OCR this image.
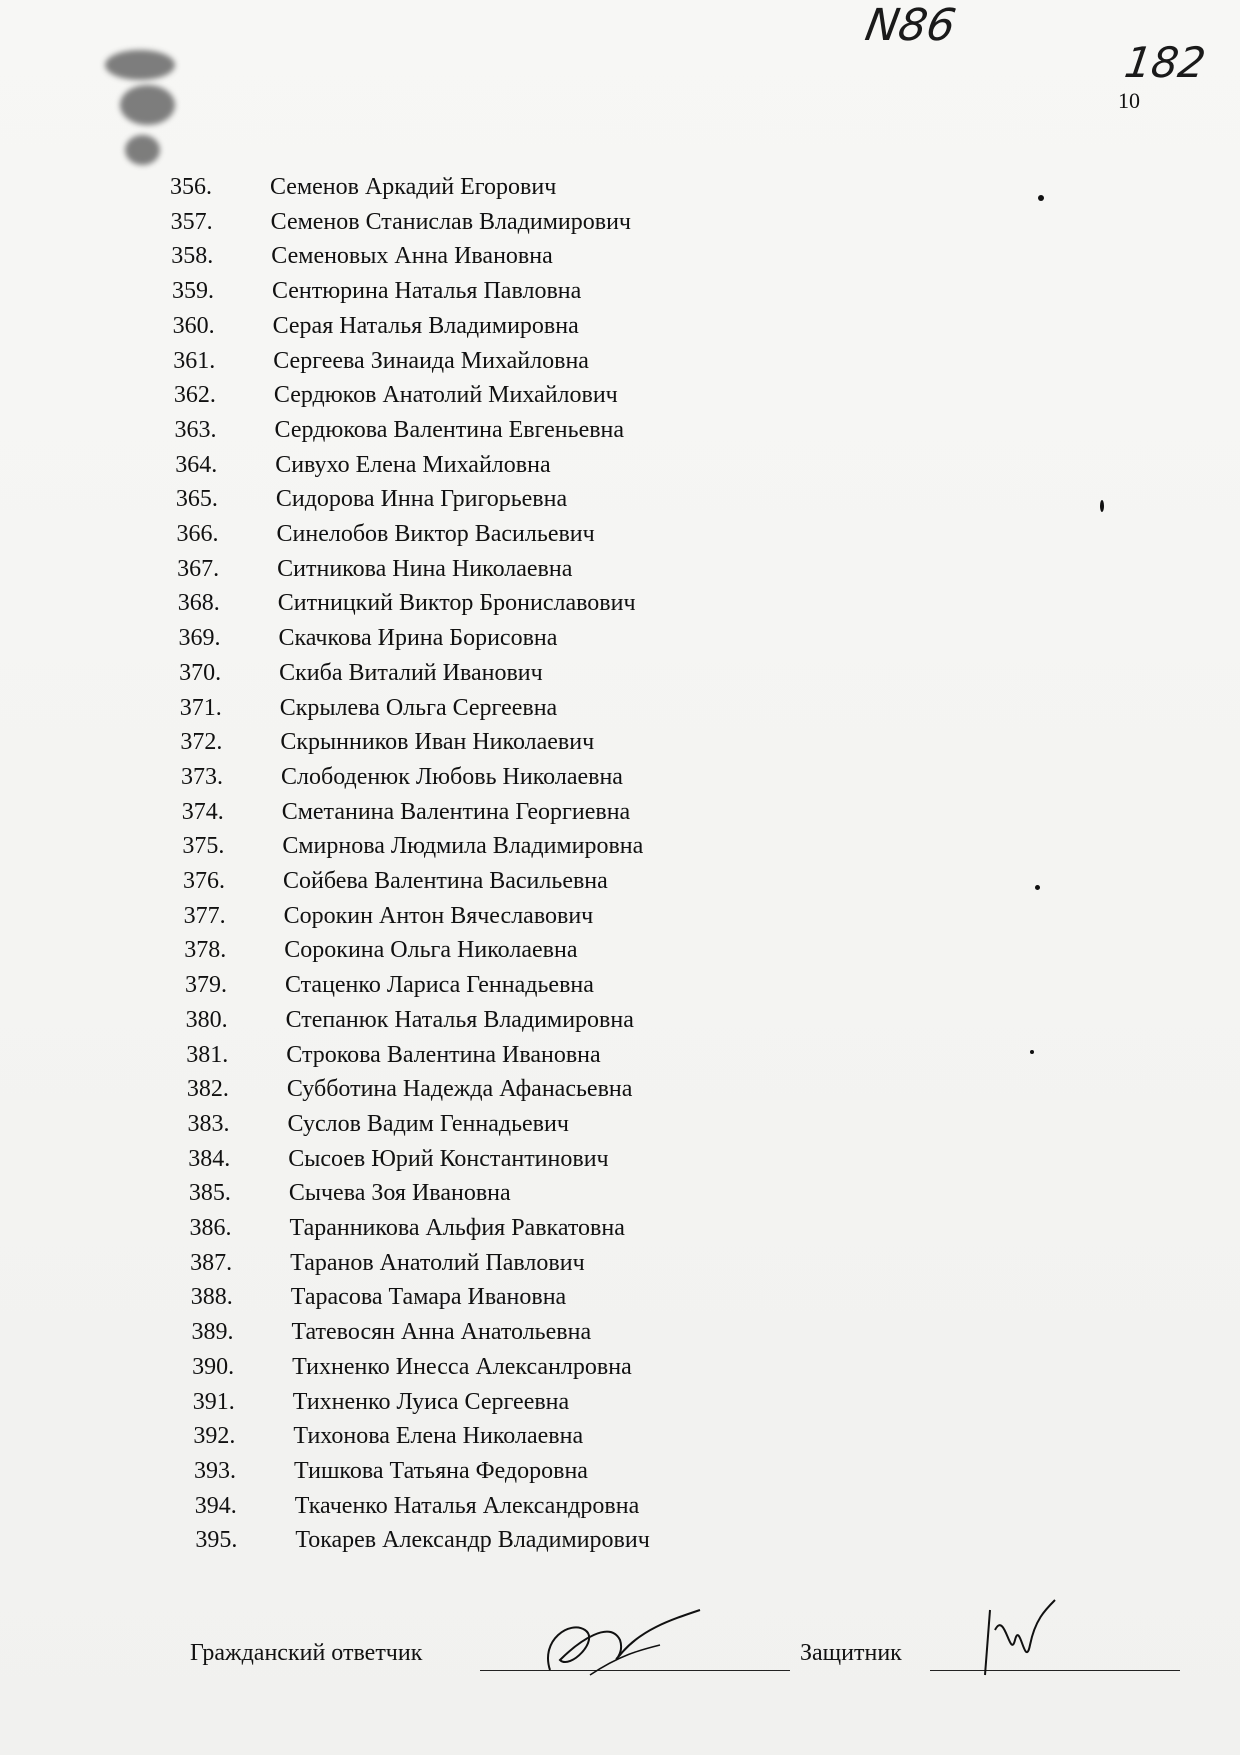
N86
182
10
356. Семенов Аркадий Егорович
357. Семенов Станислав Владимирович
358. Семеновых Анна Ивановна
359. Сентюрина Наталья Павловна
360. Серая Наталья Владимировна
361. Сергеева Зинаида Михайловна
362. Сердюков Анатолий Михайлович
363. Сердюкова Валентина Евгеньевна
364. Сивухо Елена Михайловна
365. Сидорова Инна Григорьевна
366. Синелобов Виктор Васильевич
367. Ситникова Нина Николаевна
368. Ситницкий Виктор Брониславович
369. Скачкова Ирина Борисовна
370. Скиба Виталий Иванович
371. Скрылева Ольга Сергеевна
372. Скрынников Иван Николаевич
373. Слободенюк Любовь Николаевна
374. Сметанина Валентина Георгиевна
375. Смирнова Людмила Владимировна
376. Сойбева Валентина Васильевна
377. Сорокин Антон Вячеславович
378. Сорокина Ольга Николаевна
379. Стаценко Лариса Геннадьевна
380. Степанюк Наталья Владимировна
381. Строкова Валентина Ивановна
382. Субботина Надежда Афанасьевна
383. Суслов Вадим Геннадьевич
384. Сысоев Юрий Константинович
385. Сычева Зоя Ивановна
386. Таранникова Альфия Равкатовна
387. Таранов Анатолий Павлович
388. Тарасова Тамара Ивановна
389. Татевосян Анна Анатольевна
390. Тихненко Инесса Алексанлровна
391. Тихненко Луиса Сергеевна
392. Тихонова Елена Николаевна
393. Тишкова Татьяна Федоровна
394. Ткаченко Наталья Александровна
395. Токарев Александр Владимирович
Гражданский ответчик	Защитник
